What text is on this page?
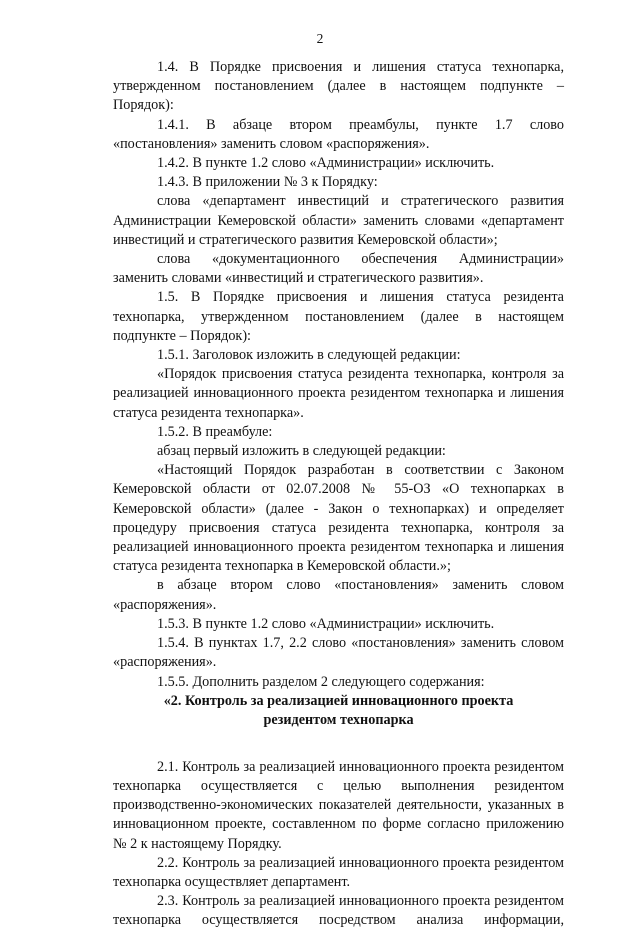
2

1.4. В Порядке присвоения и лишения статуса технопарка, утвержденном постановлением (далее в настоящем подпункте – Порядок):

1.4.1. В абзаце втором преамбулы, пункте 1.7 слово «постановления» заменить словом «распоряжения».

1.4.2. В пункте 1.2 слово «Администрации» исключить.

1.4.3. В приложении № 3 к Порядку:

слова «департамент инвестиций и стратегического развития Администрации Кемеровской области» заменить словами «департамент инвестиций и стратегического развития Кемеровской области»;

слова «документационного обеспечения Администрации» заменить словами «инвестиций и стратегического развития».

1.5. В Порядке присвоения и лишения статуса резидента технопарка, утвержденном постановлением (далее в настоящем подпункте – Порядок):

1.5.1. Заголовок изложить в следующей редакции:

«Порядок присвоения статуса резидента технопарка, контроля за реализацией инновационного проекта резидентом технопарка и лишения статуса резидента технопарка».

1.5.2. В преамбуле:

абзац первый изложить в следующей редакции:

«Настоящий Порядок разработан в соответствии с Законом Кемеровской области от 02.07.2008 № 55-ОЗ «О технопарках в Кемеровской области» (далее - Закон о технопарках) и определяет процедуру присвоения статуса резидента технопарка, контроля за реализацией инновационного проекта резидентом технопарка и лишения статуса резидента технопарка в Кемеровской области.»;

в абзаце втором слово «постановления» заменить словом «распоряжения».

1.5.3. В пункте 1.2 слово «Администрации» исключить.

1.5.4. В пунктах 1.7, 2.2 слово «постановления» заменить словом «распоряжения».

1.5.5. Дополнить разделом 2 следующего содержания:

«2. Контроль за реализацией инновационного проекта
резидентом технопарка

2.1. Контроль за реализацией инновационного проекта резидентом технопарка осуществляется с целью выполнения резидентом производственно-экономических показателей деятельности, указанных в инновационном проекте, составленном по форме согласно приложению № 2 к настоящему Порядку.

2.2. Контроль за реализацией инновационного проекта резидентом технопарка осуществляет департамент.

2.3. Контроль за реализацией инновационного проекта резидентом технопарка осуществляется посредством анализа информации,
